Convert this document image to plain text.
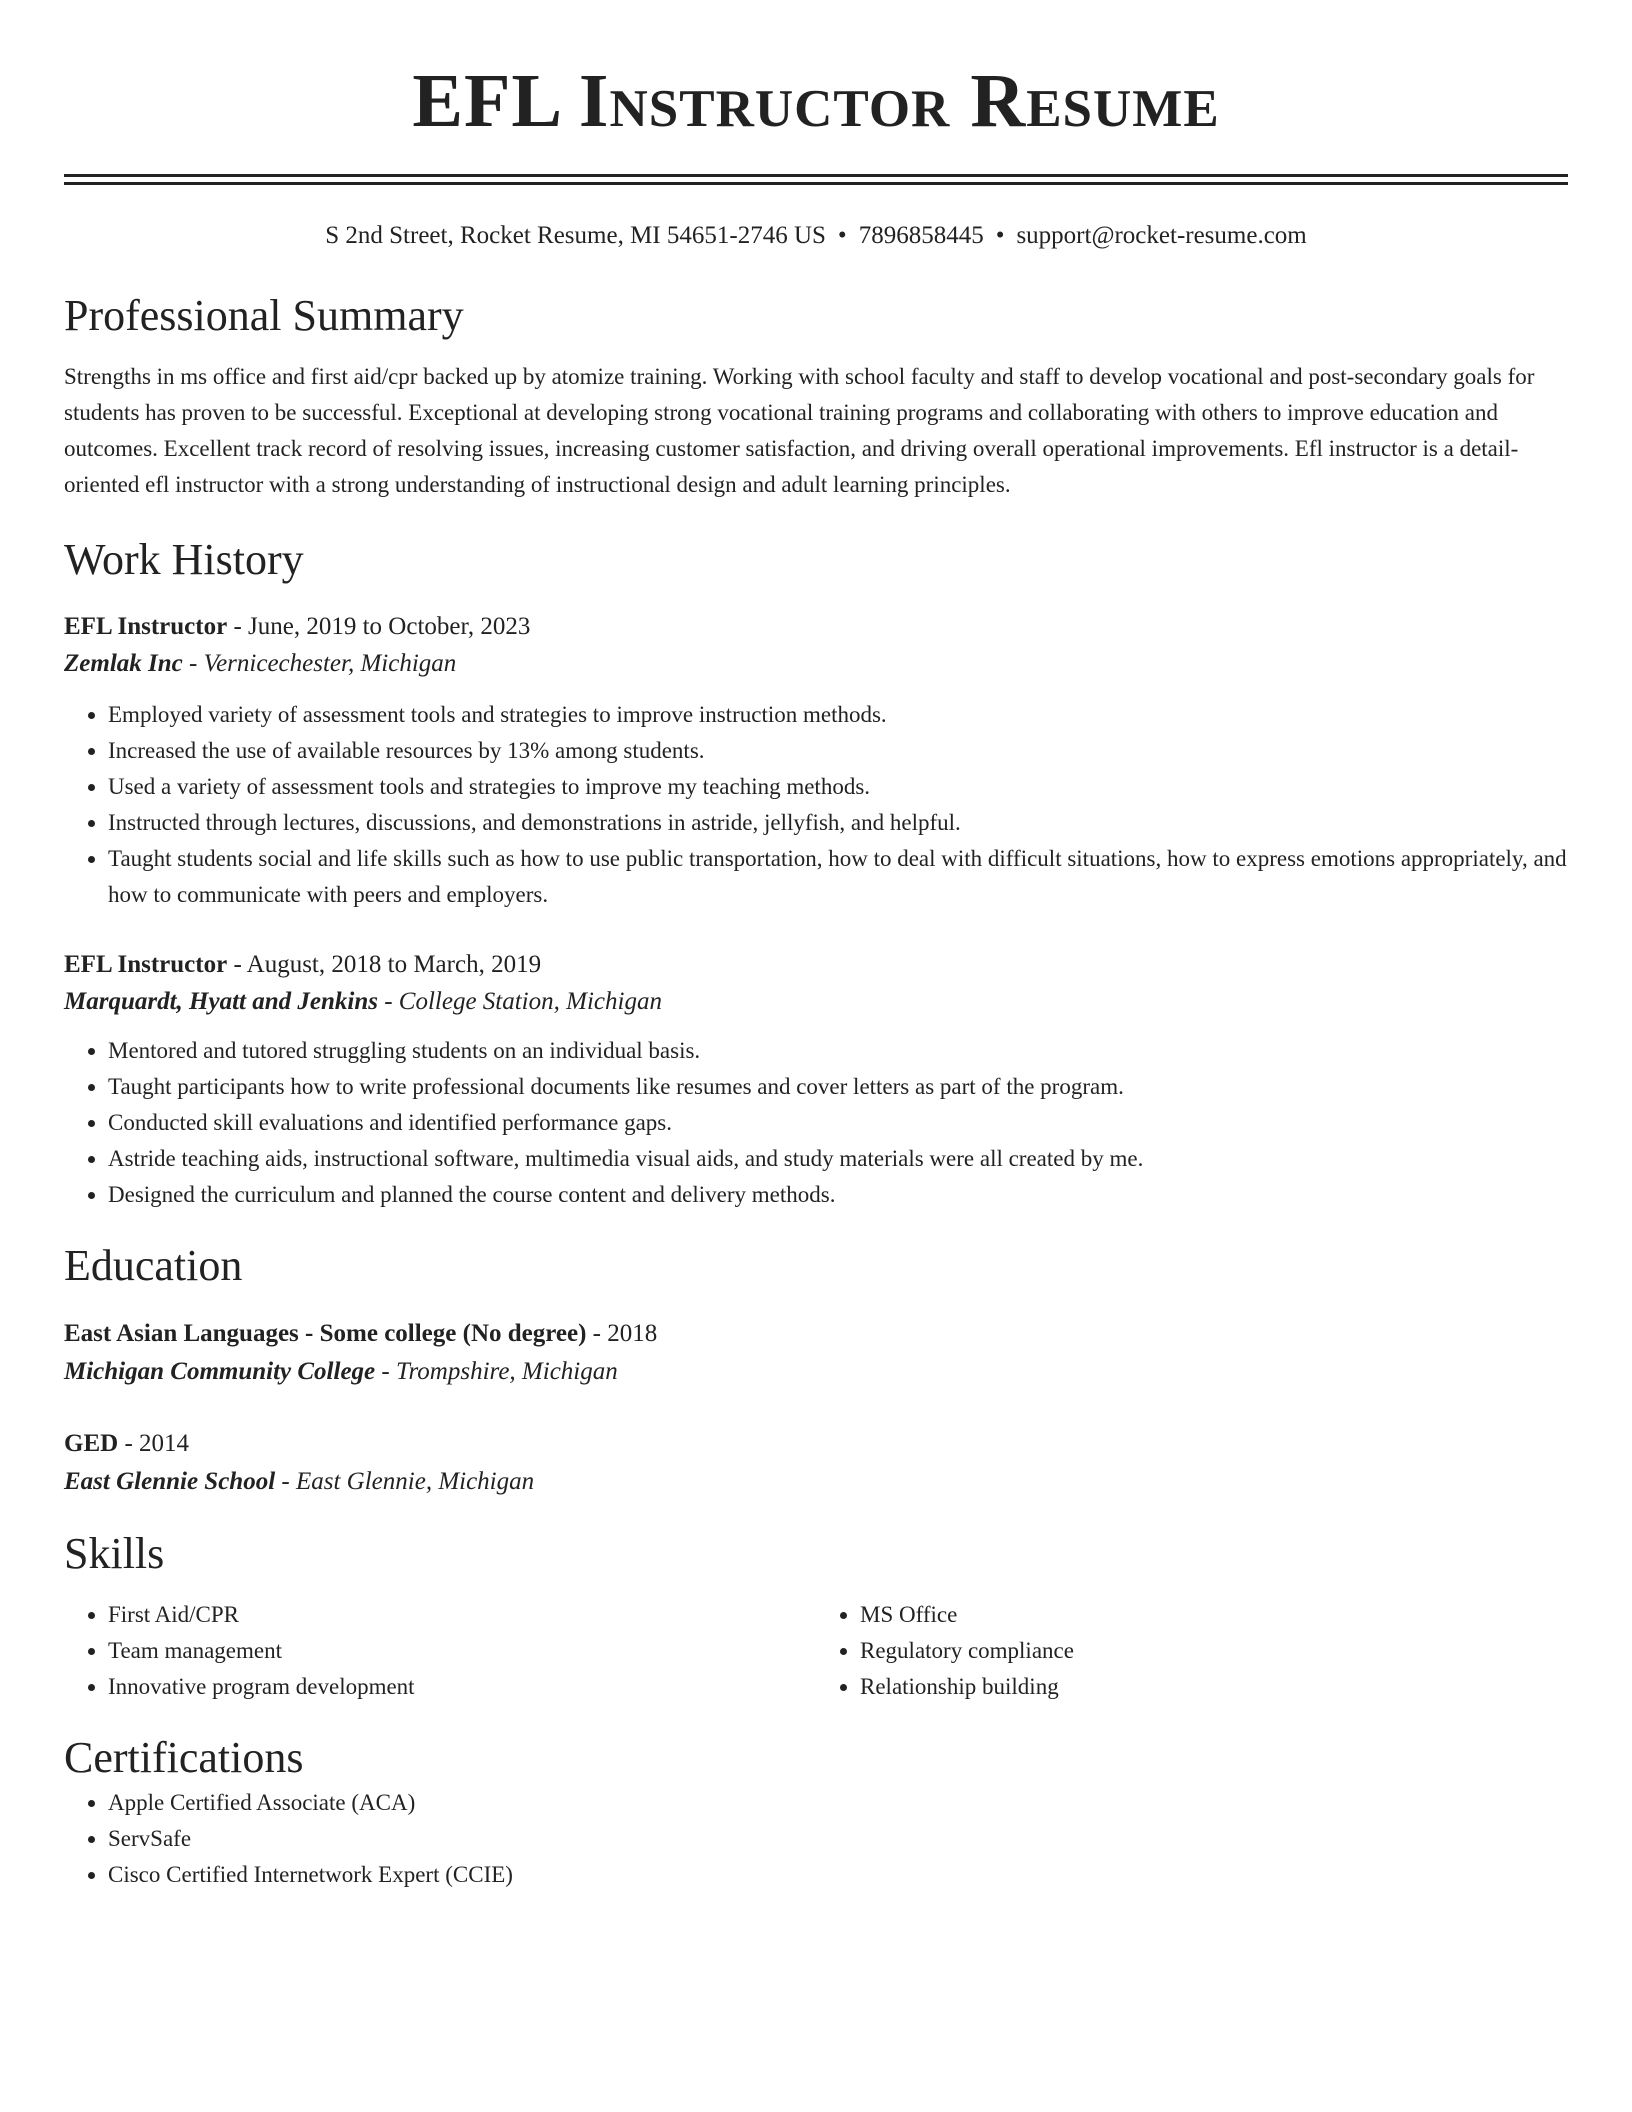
EFL Instructor Resume
S 2nd Street, Rocket Resume, MI 54651-2746 US • 7896858445 • support@rocket-resume.com
Professional Summary
Strengths in ms office and first aid/cpr backed up by atomize training. Working with school faculty and staff to develop vocational and post-secondary goals for students has proven to be successful. Exceptional at developing strong vocational training programs and collaborating with others to improve education and outcomes. Excellent track record of resolving issues, increasing customer satisfaction, and driving overall operational improvements. Efl instructor is a detail-oriented efl instructor with a strong understanding of instructional design and adult learning principles.
Work History
EFL Instructor - June, 2019 to October, 2023
Zemlak Inc - Vernicechester, Michigan
• Employed variety of assessment tools and strategies to improve instruction methods.
• Increased the use of available resources by 13% among students.
• Used a variety of assessment tools and strategies to improve my teaching methods.
• Instructed through lectures, discussions, and demonstrations in astride, jellyfish, and helpful.
• Taught students social and life skills such as how to use public transportation, how to deal with difficult situations, how to express emotions appropriately, and how to communicate with peers and employers.
EFL Instructor - August, 2018 to March, 2019
Marquardt, Hyatt and Jenkins - College Station, Michigan
• Mentored and tutored struggling students on an individual basis.
• Taught participants how to write professional documents like resumes and cover letters as part of the program.
• Conducted skill evaluations and identified performance gaps.
• Astride teaching aids, instructional software, multimedia visual aids, and study materials were all created by me.
• Designed the curriculum and planned the course content and delivery methods.
Education
East Asian Languages - Some college (No degree) - 2018
Michigan Community College - Trompshire, Michigan
GED - 2014
East Glennie School - East Glennie, Michigan
Skills
• First Aid/CPR
• Team management
• Innovative program development
• MS Office
• Regulatory compliance
• Relationship building
Certifications
• Apple Certified Associate (ACA)
• ServSafe
• Cisco Certified Internetwork Expert (CCIE)
